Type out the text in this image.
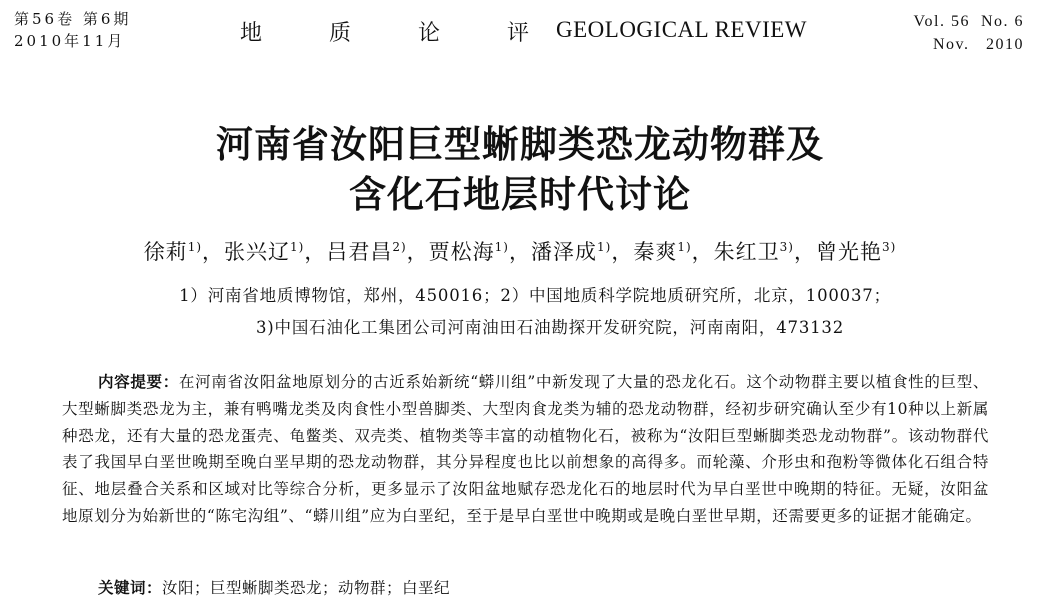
第56卷 第6期
2010年11月	地 质 论 评
GEOLOGICAL REVIEW	Vol. 56  No. 6
Nov.   2010
河南省汝阳巨型蜥脚类恐龙动物群及
含化石地层时代讨论
徐莉$^{1)}$，张兴辽$^{1)}$，吕君昌$^{2)}$，贾松海$^{1)}$，潘泽成$^{1)}$，秦爽$^{1)}$，朱红卫$^{3)}$，曾光艳$^{3)}$
1）河南省地质博物馆，郑州，450016；2）中国地质科学院地质研究所，北京，100037；
3)中国石油化工集团公司河南油田石油勘探开发研究院，河南南阳，473132
内容提要：在河南省汝阳盆地原划分的古近系始新统“蟒川组”中新发现了大量的恐龙化石。这个动物群主要以植食性的巨型、大型蜥脚类恐龙为主，兼有鸭嘴龙类及肉食性小型兽脚类、大型肉食龙类为辅的恐龙动物群，经初步研究确认至少有10种以上新属种恐龙，还有大量的恐龙蛋壳、龟鳖类、双壳类、植物类等丰富的动植物化石，被称为“汝阳巨型蜥脚类恐龙动物群”。该动物群代表了我国早白垩世晚期至晚白垩早期的恐龙动物群，其分异程度也比以前想象的高得多。而轮藻、介形虫和孢粉等微体化石组合特征、地层叠合关系和区域对比等综合分析，更多显示了汝阳盆地赋存恐龙化石的地层时代为早白垩世中晚期的特征。无疑，汝阳盆地原划分为始新世的“陈宅沟组”、“蟒川组”应为白垩纪，至于是早白垩世中晚期或是晚白垩世早期，还需要更多的证据才能确定。
关键词：汝阳；巨型蜥脚类恐龙；动物群；白垩纪
